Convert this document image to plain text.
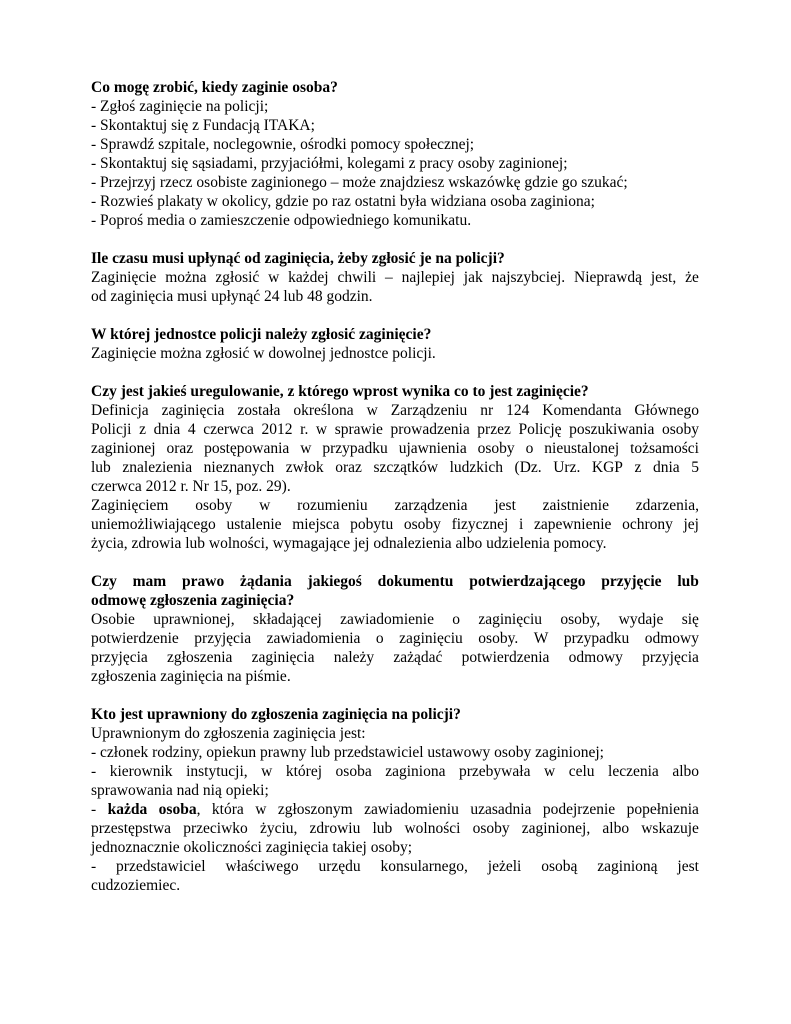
Co mogę zrobić, kiedy zaginie osoba?
- Zgłoś zaginięcie na policji;
- Skontaktuj się z Fundacją ITAKA;
- Sprawdź szpitale, noclegownie, ośrodki pomocy społecznej;
- Skontaktuj się sąsiadami, przyjaciółmi, kolegami z pracy osoby zaginionej;
- Przejrzyj rzecz osobiste zaginionego – może znajdziesz wskazówkę gdzie go szukać;
- Rozwieś plakaty w okolicy, gdzie po raz ostatni była widziana osoba zaginiona;
- Poproś media o zamieszczenie odpowiedniego komunikatu.
Ile czasu musi upłynąć od zaginięcia, żeby zgłosić je na policji?
Zaginięcie można zgłosić w każdej chwili – najlepiej jak najszybciej. Nieprawdą jest, że
od zaginięcia musi upłynąć 24 lub 48 godzin.
W której jednostce policji należy zgłosić zaginięcie?
Zaginięcie można zgłosić w dowolnej jednostce policji.
Czy jest jakieś uregulowanie, z którego wprost wynika co to jest zaginięcie?
Definicja zaginięcia została określona w Zarządzeniu nr 124 Komendanta Głównego
Policji z dnia 4 czerwca 2012 r. w sprawie prowadzenia przez Policję poszukiwania osoby
zaginionej oraz postępowania w przypadku ujawnienia osoby o nieustalonej tożsamości
lub znalezienia nieznanych zwłok oraz szczątków ludzkich (Dz. Urz. KGP z dnia 5
czerwca 2012 r. Nr 15, poz. 29).
Zaginięciem osoby w rozumieniu zarządzenia jest zaistnienie zdarzenia,
uniemożliwiającego ustalenie miejsca pobytu osoby fizycznej i zapewnienie ochrony jej
życia, zdrowia lub wolności, wymagające jej odnalezienia albo udzielenia pomocy.
Czy mam prawo żądania jakiegoś dokumentu potwierdzającego przyjęcie lub
odmowę zgłoszenia zaginięcia?
Osobie uprawnionej, składającej zawiadomienie o zaginięciu osoby, wydaje się
potwierdzenie przyjęcia zawiadomienia o zaginięciu osoby. W przypadku odmowy
przyjęcia zgłoszenia zaginięcia należy zażądać potwierdzenia odmowy przyjęcia
zgłoszenia zaginięcia na piśmie.
Kto jest uprawniony do zgłoszenia zaginięcia na policji?
Uprawnionym do zgłoszenia zaginięcia jest:
- członek rodziny, opiekun prawny lub przedstawiciel ustawowy osoby zaginionej;
- kierownik instytucji, w której osoba zaginiona przebywała w celu leczenia albo
sprawowania nad nią opieki;
- każda osoba, która w zgłoszonym zawiadomieniu uzasadnia podejrzenie popełnienia
przestępstwa przeciwko życiu, zdrowiu lub wolności osoby zaginionej, albo wskazuje
jednoznacznie okoliczności zaginięcia takiej osoby;
- przedstawiciel właściwego urzędu konsularnego, jeżeli osobą zaginioną jest
cudzoziemiec.
